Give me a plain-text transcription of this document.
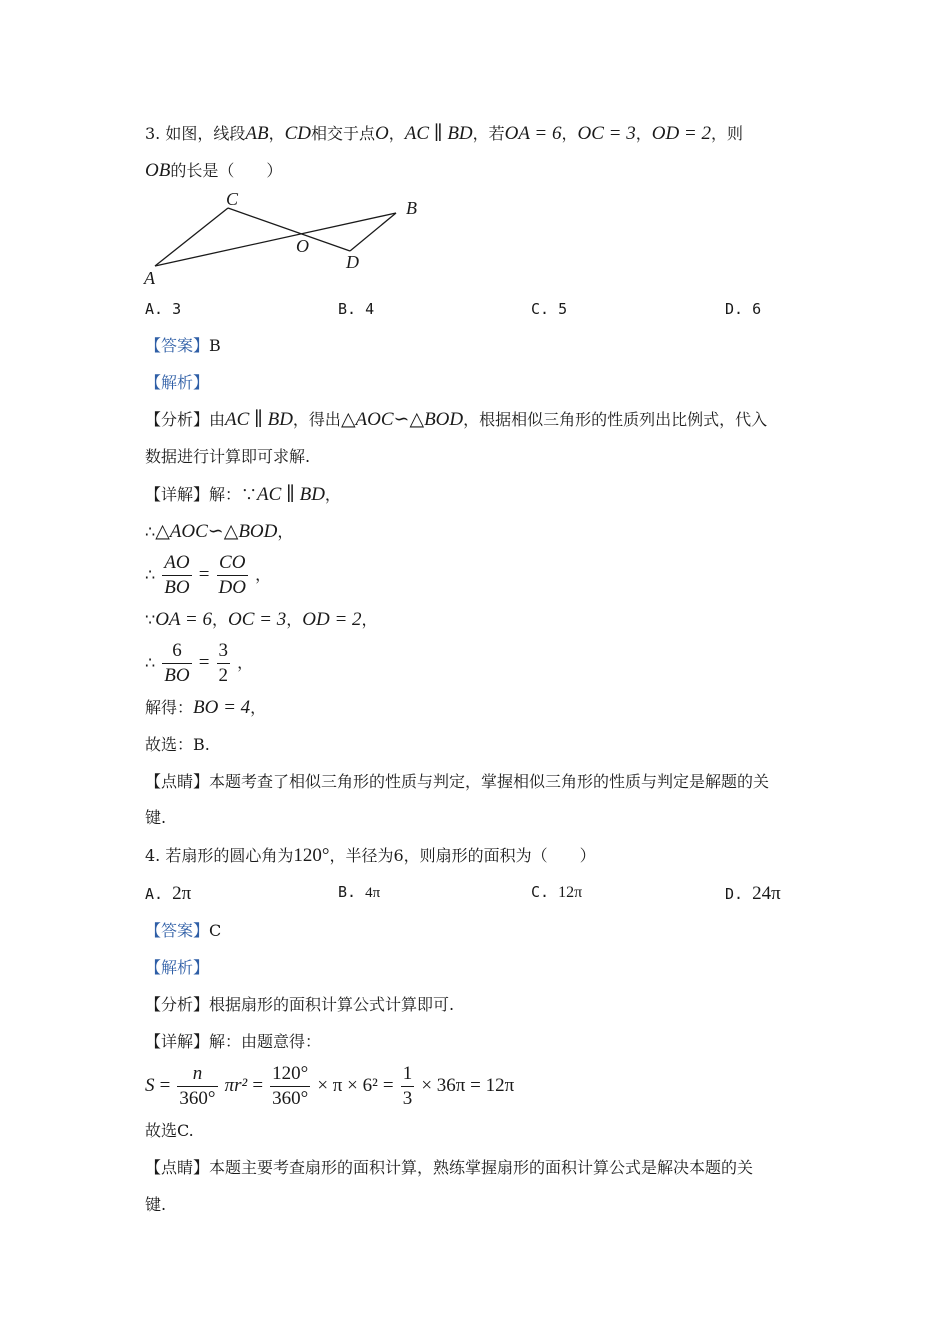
3. 如图，线段AB，CD相交于点O，AC ∥ BD，若OA = 6，OC = 3，OD = 2，则
OB的长是（　　）
A
C	B
O
D
A. 3	B. 4	C. 5	D. 6
【答案】B
【解析】
【分析】由AC ∥ BD，得出△AOC∽△BOD，根据相似三角形的性质列出比例式，代入
数据进行计算即可求解.
【详解】解：∵AC ∥ BD，
∴△AOC∽△BOD，
∴ $\frac{AO}{BO} = \frac{CO}{DO}$ ，
∵OA = 6，OC = 3，OD = 2，
∴ $\frac{6}{BO} = \frac{3}{2}$ ，
解得：BO = 4，
故选：B.
【点睛】本题考查了相似三角形的性质与判定，掌握相似三角形的性质与判定是解题的关
键.
4. 若扇形的圆心角为120°，半径为6，则扇形的面积为（　　）
A. 2π	B. 4π	C. 12π	D. 24π
【答案】C
【解析】
【分析】根据扇形的面积计算公式计算即可.
【详解】解：由题意得：
$S = \frac{n}{360^\circ} \pi r^2 = \frac{120^\circ}{360^\circ} \times \pi \times 6^2 = \frac{1}{3} \times 36\pi = 12\pi$
故选C.
【点睛】本题主要考查扇形的面积计算，熟练掌握扇形的面积计算公式是解决本题的关
键.
